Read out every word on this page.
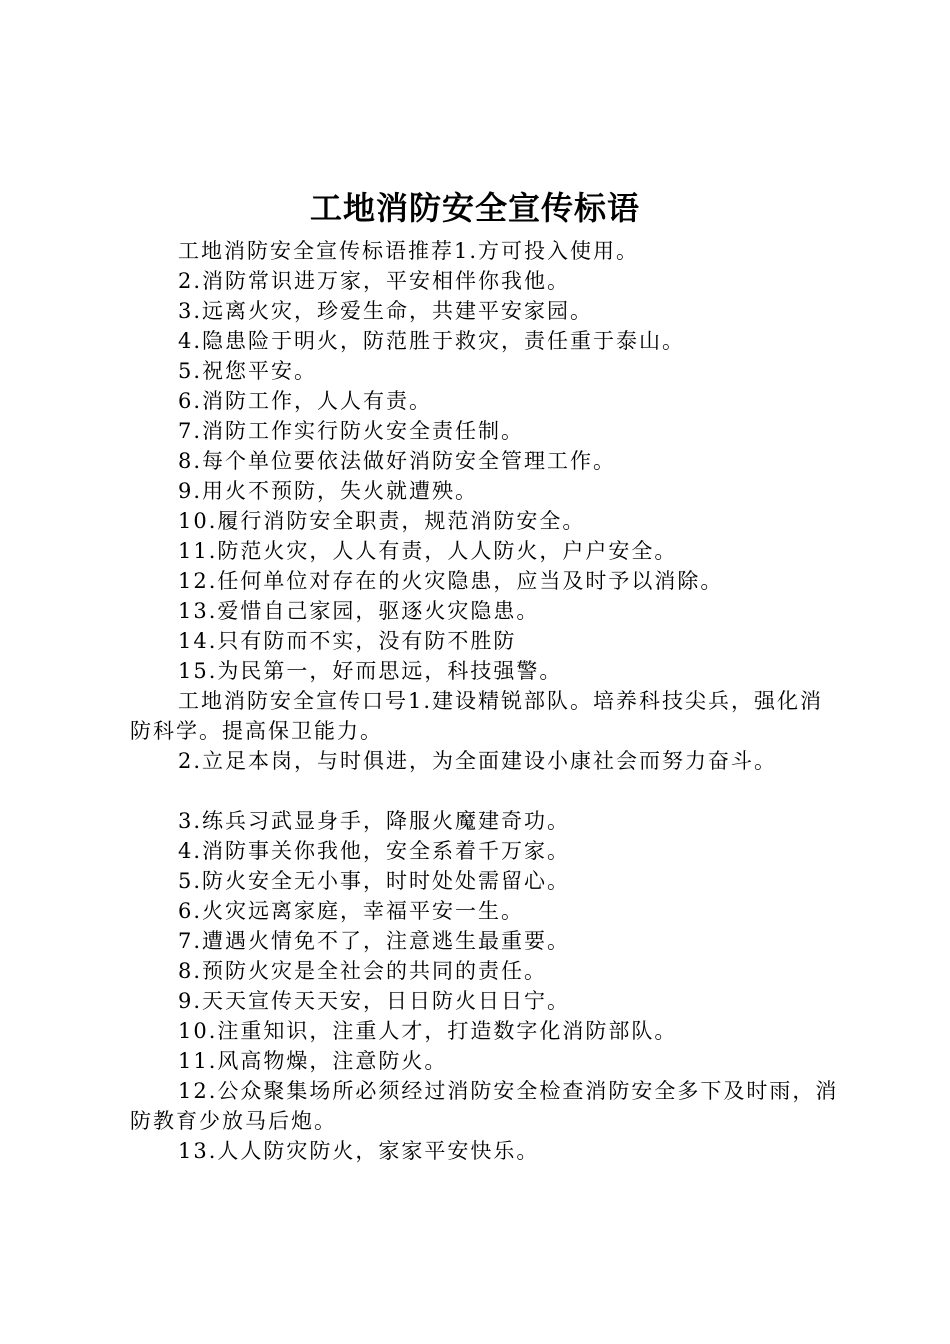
工地消防安全宣传标语

工地消防安全宣传标语推荐1.方可投入使用。

2.消防常识进万家，平安相伴你我他。

3.远离火灾，珍爱生命，共建平安家园。

4.隐患险于明火，防范胜于救灾，责任重于泰山。

5.祝您平安。

6.消防工作，人人有责。

7.消防工作实行防火安全责任制。

8.每个单位要依法做好消防安全管理工作。

9.用火不预防，失火就遭殃。

10.履行消防安全职责，规范消防安全。

11.防范火灾，人人有责，人人防火，户户安全。

12.任何单位对存在的火灾隐患，应当及时予以消除。

13.爱惜自己家园，驱逐火灾隐患。

14.只有防而不实，没有防不胜防

15.为民第一，好而思远，科技强警。

工地消防安全宣传口号1.建设精锐部队。培养科技尖兵，强化消防科学。提高保卫能力。

2.立足本岗，与时俱进，为全面建设小康社会而努力奋斗。

3.练兵习武显身手，降服火魔建奇功。

4.消防事关你我他，安全系着千万家。

5.防火安全无小事，时时处处需留心。

6.火灾远离家庭，幸福平安一生。

7.遭遇火情免不了，注意逃生最重要。

8.预防火灾是全社会的共同的责任。

9.天天宣传天天安，日日防火日日宁。

10.注重知识，注重人才，打造数字化消防部队。

11.风高物燥，注意防火。

12.公众聚集场所必须经过消防安全检查消防安全多下及时雨，消防教育少放马后炮。

13.人人防灾防火，家家平安快乐。
